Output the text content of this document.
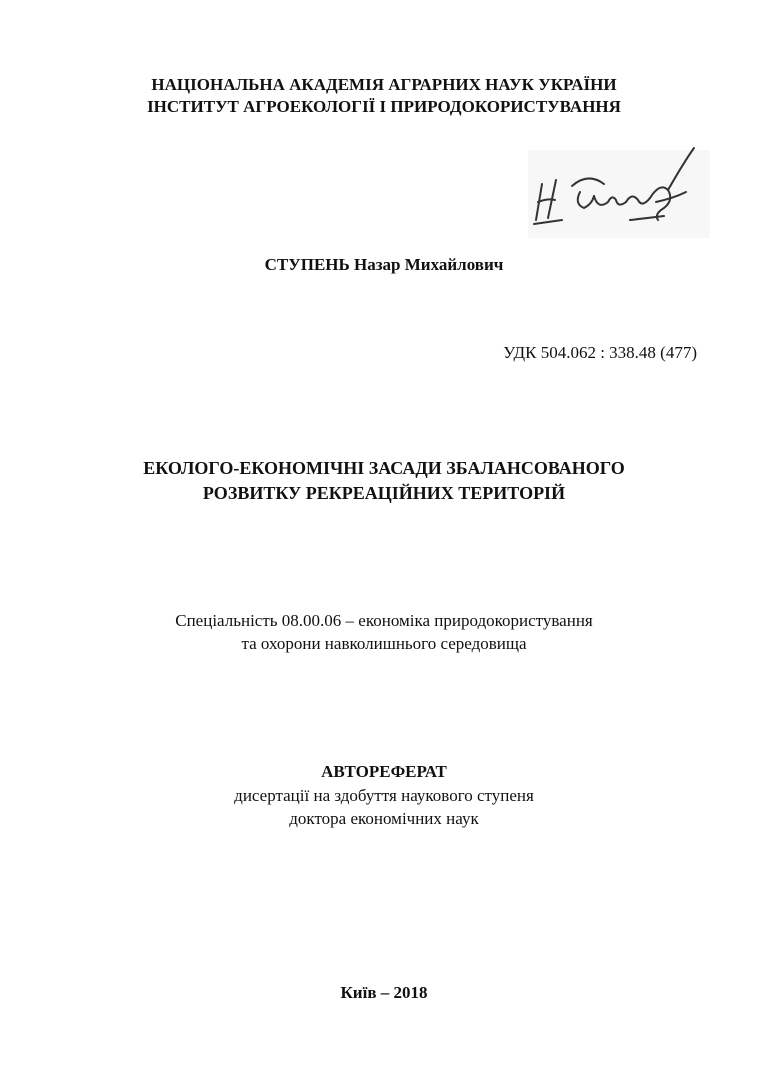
НАЦІОНАЛЬНА АКАДЕМІЯ АГРАРНИХ НАУК УКРАЇНИ
ІНСТИТУТ АГРОЕКОЛОГІЇ І ПРИРОДОКОРИСТУВАННЯ
СТУПЕНЬ Назар Михайлович
УДК 504.062 : 338.48 (477)
ЕКОЛОГО-ЕКОНОМІЧНІ ЗАСАДИ ЗБАЛАНСОВАНОГО
РОЗВИТКУ РЕКРЕАЦІЙНИХ ТЕРИТОРІЙ
Спеціальність 08.00.06 – економіка природокористування
та охорони навколишнього середовища
АВТОРЕФЕРАТ
дисертації на здобуття наукового ступеня
доктора економічних наук
Київ – 2018
